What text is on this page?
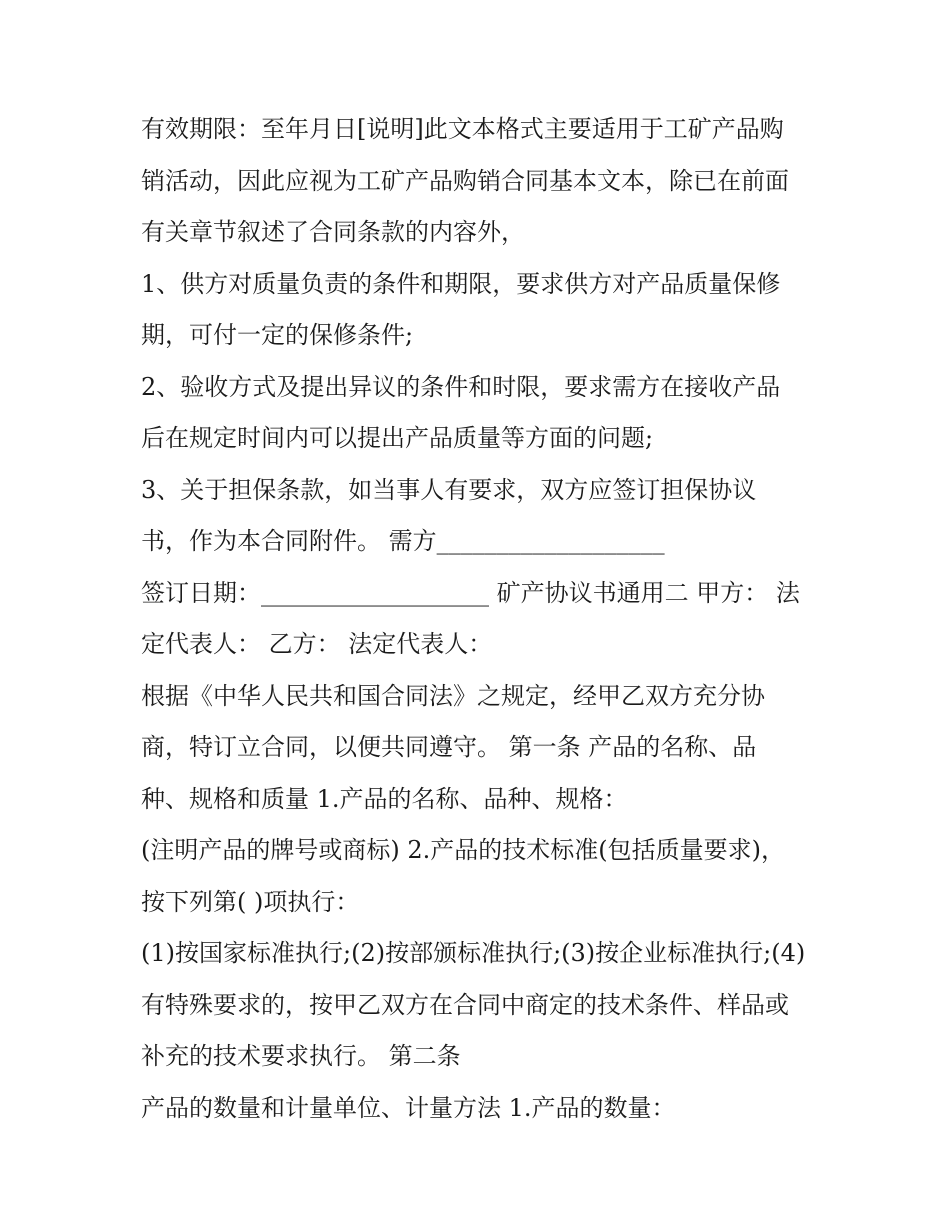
有效期限：至年月日[说明]此文本格式主要适用于工矿产品购
销活动，因此应视为工矿产品购销合同基本文本，除已在前面
有关章节叙述了合同条款的内容外，
1、供方对质量负责的条件和期限，要求供方对产品质量保修
期，可付一定的保修条件;
2、验收方式及提出异议的条件和时限，要求需方在接收产品
后在规定时间内可以提出产品质量等方面的问题;
3、关于担保条款，如当事人有要求，双方应签订担保协议
书，作为本合同附件。 需方___________________
签订日期：___________________ 矿产协议书通用二 甲方： 法
定代表人： 乙方： 法定代表人：
根据《中华人民共和国合同法》之规定，经甲乙双方充分协
商，特订立合同，以便共同遵守。 第一条 产品的名称、品
种、规格和质量 1.产品的名称、品种、规格：
(注明产品的牌号或商标) 2.产品的技术标准(包括质量要求)，
按下列第( )项执行：
(1)按国家标准执行;(2)按部颁标准执行;(3)按企业标准执行;(4)
有特殊要求的，按甲乙双方在合同中商定的技术条件、样品或
补充的技术要求执行。 第二条
产品的数量和计量单位、计量方法 1.产品的数量：
